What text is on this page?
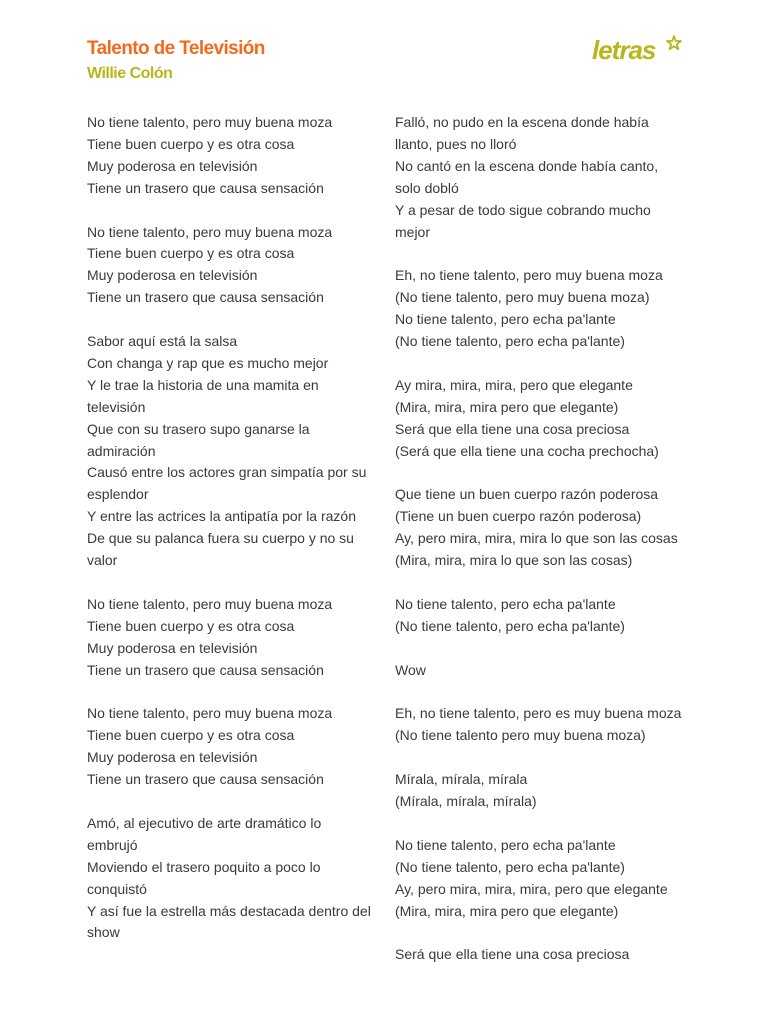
Talento de Televisión
Willie Colón
letras
No tiene talento, pero muy buena moza
Tiene buen cuerpo y es otra cosa
Muy poderosa en televisión
Tiene un trasero que causa sensación
No tiene talento, pero muy buena moza
Tiene buen cuerpo y es otra cosa
Muy poderosa en televisión
Tiene un trasero que causa sensación
Sabor aquí está la salsa
Con changa y rap que es mucho mejor
Y le trae la historia de una mamita en
televisión
Que con su trasero supo ganarse la
admiración
Causó entre los actores gran simpatía por su
esplendor
Y entre las actrices la antipatía por la razón
De que su palanca fuera su cuerpo y no su
valor
No tiene talento, pero muy buena moza
Tiene buen cuerpo y es otra cosa
Muy poderosa en televisión
Tiene un trasero que causa sensación
No tiene talento, pero muy buena moza
Tiene buen cuerpo y es otra cosa
Muy poderosa en televisión
Tiene un trasero que causa sensación
Amó, al ejecutivo de arte dramático lo
embrujó
Moviendo el trasero poquito a poco lo
conquistó
Y así fue la estrella más destacada dentro del
show
Falló, no pudo en la escena donde había
llanto, pues no lloró
No cantó en la escena donde había canto,
solo dobló
Y a pesar de todo sigue cobrando mucho
mejor
Eh, no tiene talento, pero muy buena moza
(No tiene talento, pero muy buena moza)
No tiene talento, pero echa pa'lante
(No tiene talento, pero echa pa'lante)
Ay mira, mira, mira, pero que elegante
(Mira, mira, mira pero que elegante)
Será que ella tiene una cosa preciosa
(Será que ella tiene una cocha prechocha)
Que tiene un buen cuerpo razón poderosa
(Tiene un buen cuerpo razón poderosa)
Ay, pero mira, mira, mira lo que son las cosas
(Mira, mira, mira lo que son las cosas)
No tiene talento, pero echa pa'lante
(No tiene talento, pero echa pa'lante)
Wow
Eh, no tiene talento, pero es muy buena moza
(No tiene talento pero muy buena moza)
Mírala, mírala, mírala
(Mírala, mírala, mírala)
No tiene talento, pero echa pa'lante
(No tiene talento, pero echa pa'lante)
Ay, pero mira, mira, mira, pero que elegante
(Mira, mira, mira pero que elegante)
Será que ella tiene una cosa preciosa
